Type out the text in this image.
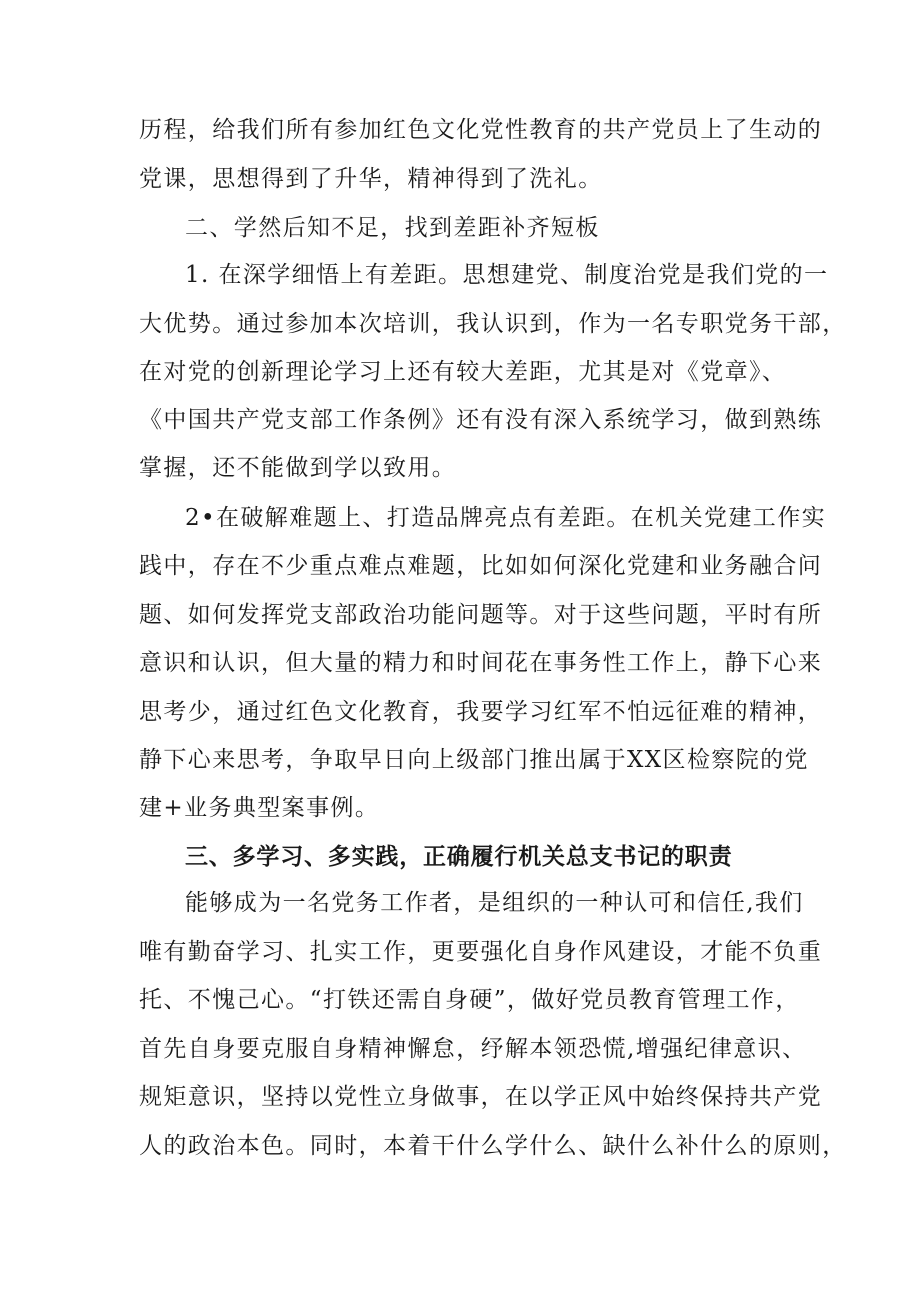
历程，给我们所有参加红色文化党性教育的共产党员上了生动的
党课，思想得到了升华，精神得到了洗礼。
二、学然后知不足，找到差距补齐短板
1. 在深学细悟上有差距。思想建党、制度治党是我们党的一
大优势。通过参加本次培训，我认识到，作为一名专职党务干部，
在对党的创新理论学习上还有较大差距，尤其是对《党章》、
《中国共产党支部工作条例》还有没有深入系统学习，做到熟练
掌握，还不能做到学以致用。
2•在破解难题上、打造品牌亮点有差距。在机关党建工作实
践中，存在不少重点难点难题，比如如何深化党建和业务融合问
题、如何发挥党支部政治功能问题等。对于这些问题，平时有所
意识和认识，但大量的精力和时间花在事务性工作上，静下心来
思考少，通过红色文化教育，我要学习红军不怕远征难的精神，
静下心来思考，争取早日向上级部门推出属于XX区检察院的党
建+业务典型案事例。
三、多学习、多实践，正确履行机关总支书记的职责
能够成为一名党务工作者，是组织的一种认可和信任,我们
唯有勤奋学习、扎实工作，更要强化自身作风建设，才能不负重
托、不愧己心。“打铁还需自身硬”，做好党员教育管理工作，
首先自身要克服自身精神懈怠，纾解本领恐慌,增强纪律意识、
规矩意识，坚持以党性立身做事，在以学正风中始终保持共产党
人的政治本色。同时，本着干什么学什么、缺什么补什么的原则，
